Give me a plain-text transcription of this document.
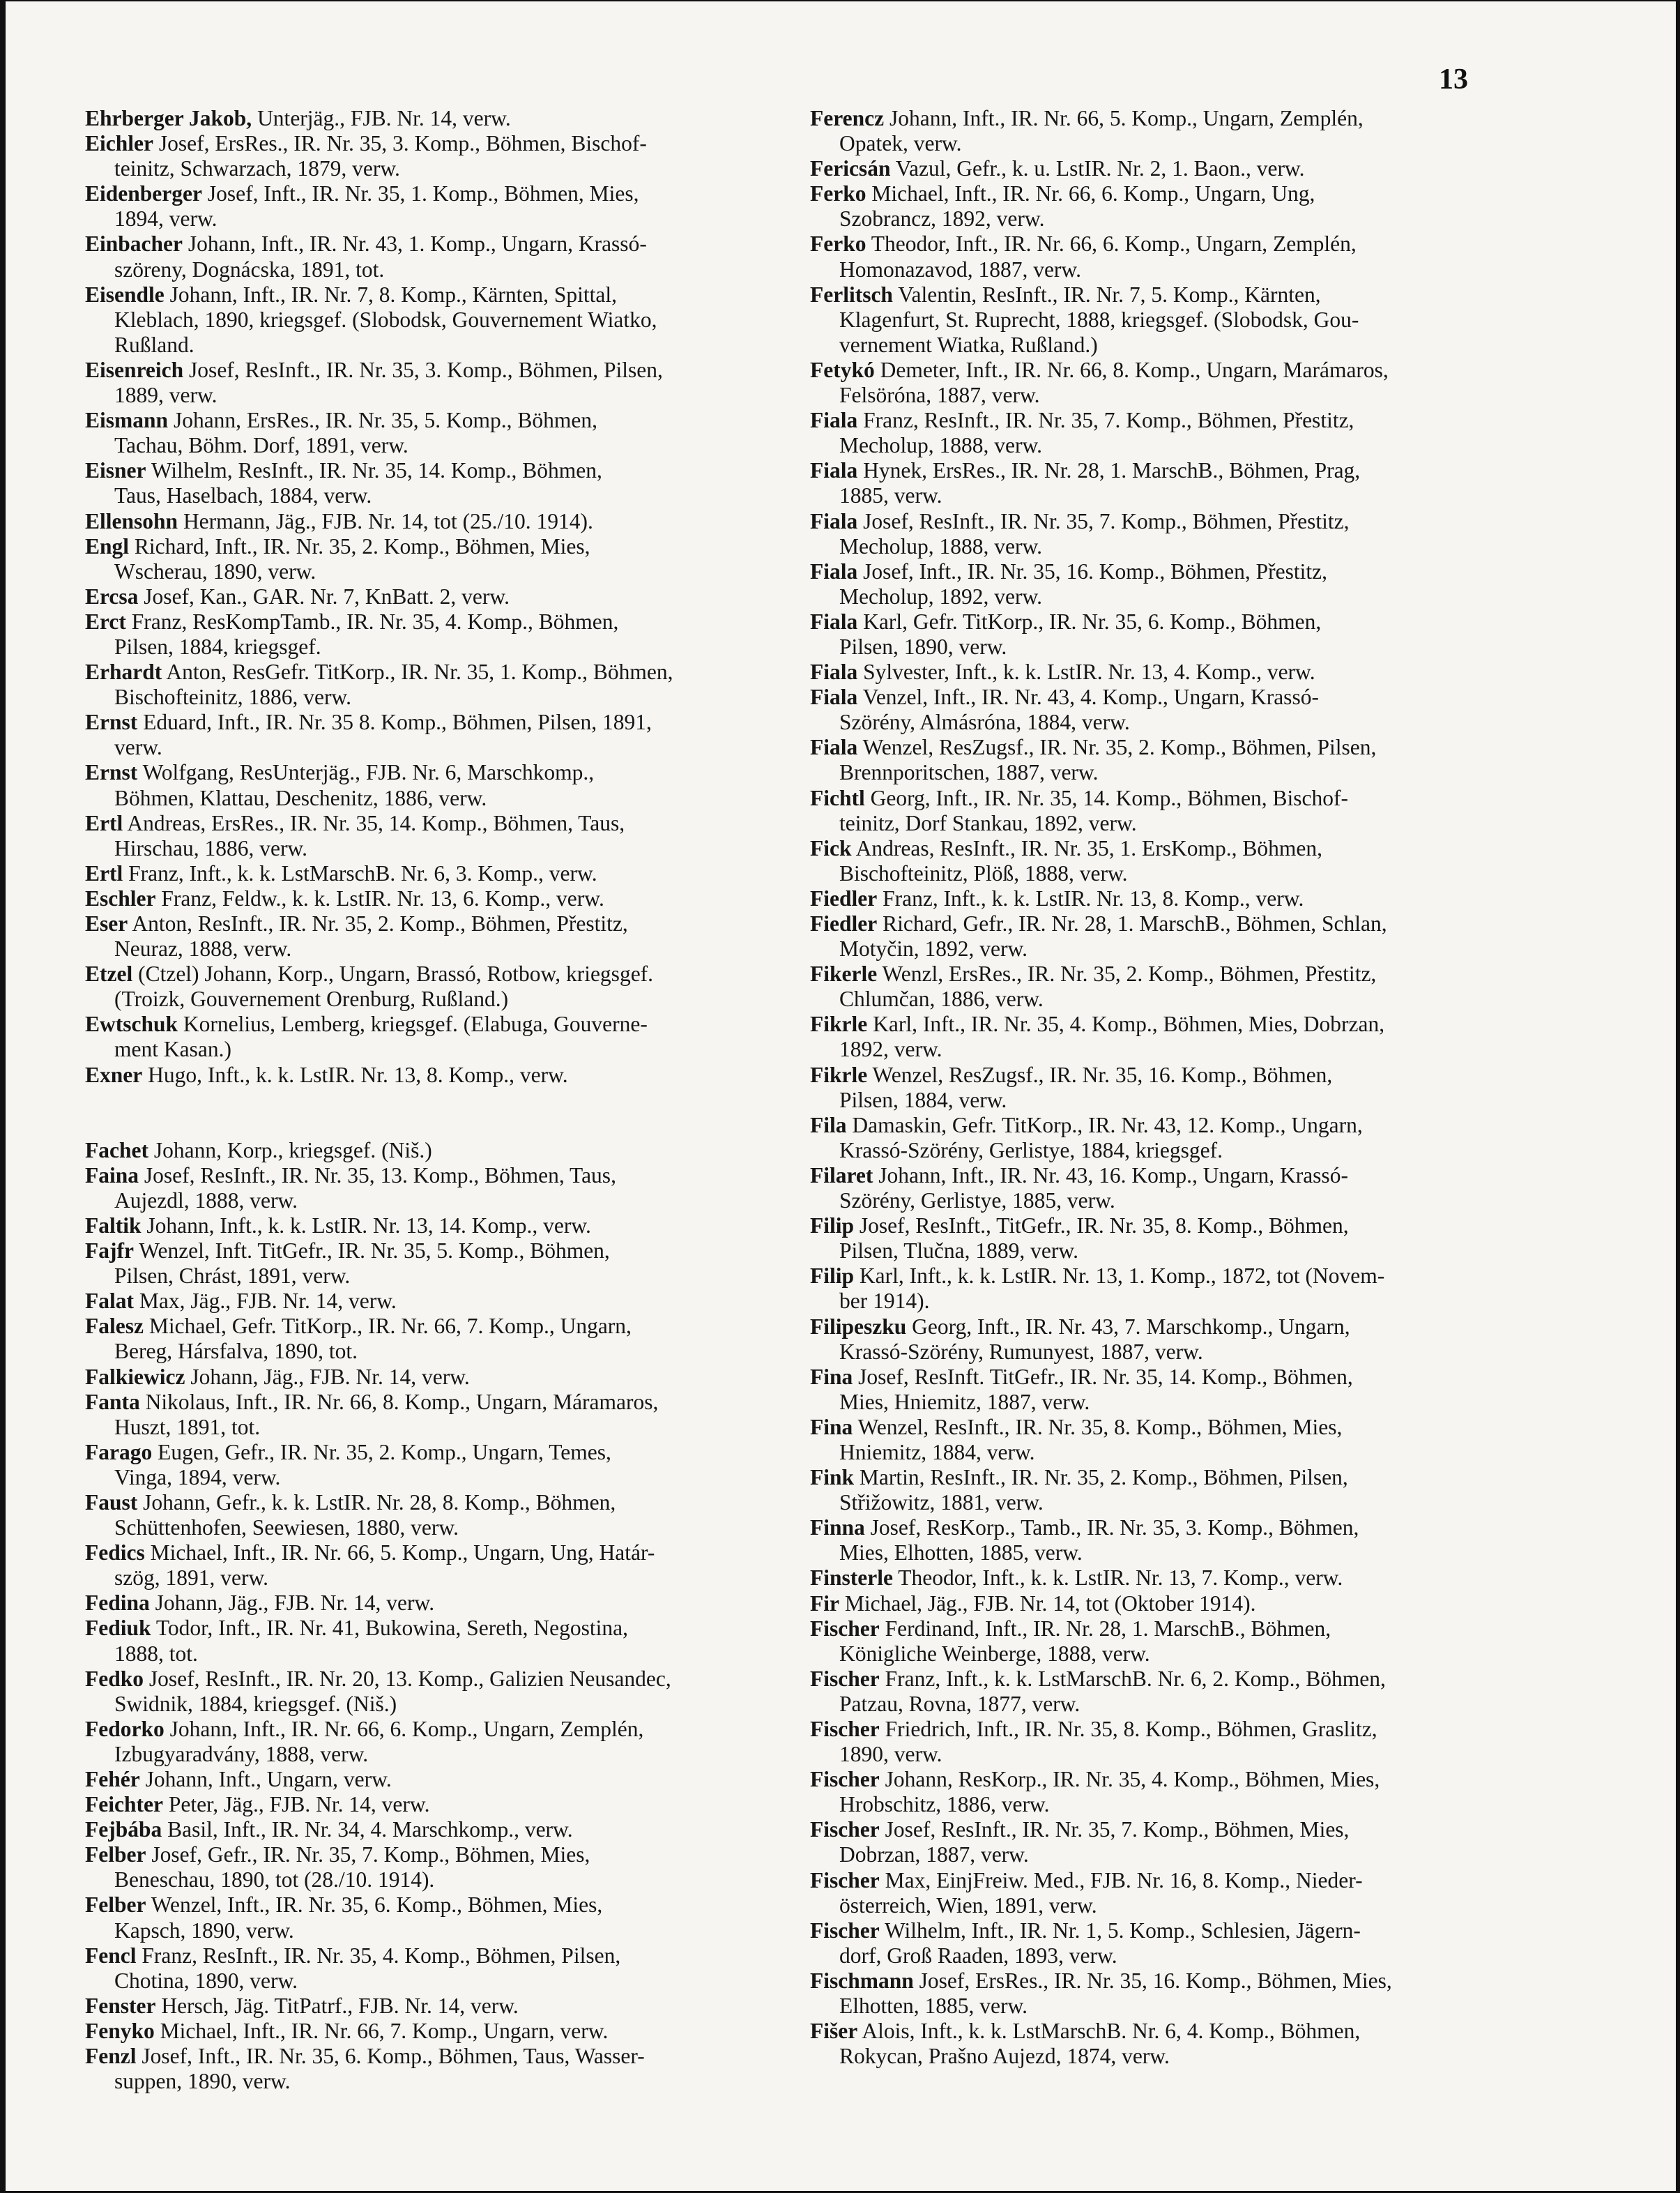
13
Ehrberger Jakob, Unterjäg., FJB. Nr. 14, verw.
Eichler Josef, ErsRes., IR. Nr. 35, 3. Komp., Böhmen, Bischof-
teinitz, Schwarzach, 1879, verw.
Eidenberger Josef, Inft., IR. Nr. 35, 1. Komp., Böhmen, Mies,
1894, verw.
Einbacher Johann, Inft., IR. Nr. 43, 1. Komp., Ungarn, Krassó-
szöreny, Dognácska, 1891, tot.
Eisendle Johann, Inft., IR. Nr. 7, 8. Komp., Kärnten, Spittal,
Kleblach, 1890, kriegsgef. (Slobodsk, Gouvernement Wiatko,
Rußland.
Eisenreich Josef, ResInft., IR. Nr. 35, 3. Komp., Böhmen, Pilsen,
1889, verw.
Eismann Johann, ErsRes., IR. Nr. 35, 5. Komp., Böhmen,
Tachau, Böhm. Dorf, 1891, verw.
Eisner Wilhelm, ResInft., IR. Nr. 35, 14. Komp., Böhmen,
Taus, Haselbach, 1884, verw.
Ellensohn Hermann, Jäg., FJB. Nr. 14, tot (25./10. 1914).
Engl Richard, Inft., IR. Nr. 35, 2. Komp., Böhmen, Mies,
Wscherau, 1890, verw.
Ercsa Josef, Kan., GAR. Nr. 7, KnBatt. 2, verw.
Erct Franz, ResKompTamb., IR. Nr. 35, 4. Komp., Böhmen,
Pilsen, 1884, kriegsgef.
Erhardt Anton, ResGefr. TitKorp., IR. Nr. 35, 1. Komp., Böhmen,
Bischofteinitz, 1886, verw.
Ernst Eduard, Inft., IR. Nr. 35 8. Komp., Böhmen, Pilsen, 1891,
verw.
Ernst Wolfgang, ResUnterjäg., FJB. Nr. 6, Marschkomp.,
Böhmen, Klattau, Deschenitz, 1886, verw.
Ertl Andreas, ErsRes., IR. Nr. 35, 14. Komp., Böhmen, Taus,
Hirschau, 1886, verw.
Ertl Franz, Inft., k. k. LstMarschB. Nr. 6, 3. Komp., verw.
Eschler Franz, Feldw., k. k. LstIR. Nr. 13, 6. Komp., verw.
Eser Anton, ResInft., IR. Nr. 35, 2. Komp., Böhmen, Přestitz,
Neuraz, 1888, verw.
Etzel (Ctzel) Johann, Korp., Ungarn, Brassó, Rotbow, kriegsgef.
(Troizk, Gouvernement Orenburg, Rußland.)
Ewtschuk Kornelius, Lemberg, kriegsgef. (Elabuga, Gouverne-
ment Kasan.)
Exner Hugo, Inft., k. k. LstIR. Nr. 13, 8. Komp., verw.
Fachet Johann, Korp., kriegsgef. (Niš.)
Faina Josef, ResInft., IR. Nr. 35, 13. Komp., Böhmen, Taus,
Aujezdl, 1888, verw.
Faltik Johann, Inft., k. k. LstIR. Nr. 13, 14. Komp., verw.
Fajfr Wenzel, Inft. TitGefr., IR. Nr. 35, 5. Komp., Böhmen,
Pilsen, Chrást, 1891, verw.
Falat Max, Jäg., FJB. Nr. 14, verw.
Falesz Michael, Gefr. TitKorp., IR. Nr. 66, 7. Komp., Ungarn,
Bereg, Hársfalva, 1890, tot.
Falkiewicz Johann, Jäg., FJB. Nr. 14, verw.
Fanta Nikolaus, Inft., IR. Nr. 66, 8. Komp., Ungarn, Máramaros,
Huszt, 1891, tot.
Farago Eugen, Gefr., IR. Nr. 35, 2. Komp., Ungarn, Temes,
Vinga, 1894, verw.
Faust Johann, Gefr., k. k. LstIR. Nr. 28, 8. Komp., Böhmen,
Schüttenhofen, Seewiesen, 1880, verw.
Fedics Michael, Inft., IR. Nr. 66, 5. Komp., Ungarn, Ung, Határ-
szög, 1891, verw.
Fedina Johann, Jäg., FJB. Nr. 14, verw.
Fediuk Todor, Inft., IR. Nr. 41, Bukowina, Sereth, Negostina,
1888, tot.
Fedko Josef, ResInft., IR. Nr. 20, 13. Komp., Galizien Neusandec,
Swidnik, 1884, kriegsgef. (Niš.)
Fedorko Johann, Inft., IR. Nr. 66, 6. Komp., Ungarn, Zemplén,
Izbugyaradvány, 1888, verw.
Fehér Johann, Inft., Ungarn, verw.
Feichter Peter, Jäg., FJB. Nr. 14, verw.
Fejbába Basil, Inft., IR. Nr. 34, 4. Marschkomp., verw.
Felber Josef, Gefr., IR. Nr. 35, 7. Komp., Böhmen, Mies,
Beneschau, 1890, tot (28./10. 1914).
Felber Wenzel, Inft., IR. Nr. 35, 6. Komp., Böhmen, Mies,
Kapsch, 1890, verw.
Fencl Franz, ResInft., IR. Nr. 35, 4. Komp., Böhmen, Pilsen,
Chotina, 1890, verw.
Fenster Hersch, Jäg. TitPatrf., FJB. Nr. 14, verw.
Fenyko Michael, Inft., IR. Nr. 66, 7. Komp., Ungarn, verw.
Fenzl Josef, Inft., IR. Nr. 35, 6. Komp., Böhmen, Taus, Wasser-
suppen, 1890, verw.
Ferencz Johann, Inft., IR. Nr. 66, 5. Komp., Ungarn, Zemplén,
Opatek, verw.
Fericsán Vazul, Gefr., k. u. LstIR. Nr. 2, 1. Baon., verw.
Ferko Michael, Inft., IR. Nr. 66, 6. Komp., Ungarn, Ung,
Szobrancz, 1892, verw.
Ferko Theodor, Inft., IR. Nr. 66, 6. Komp., Ungarn, Zemplén,
Homonazavod, 1887, verw.
Ferlitsch Valentin, ResInft., IR. Nr. 7, 5. Komp., Kärnten,
Klagenfurt, St. Ruprecht, 1888, kriegsgef. (Slobodsk, Gou-
vernement Wiatka, Rußland.)
Fetykó Demeter, Inft., IR. Nr. 66, 8. Komp., Ungarn, Marámaros,
Felsöróna, 1887, verw.
Fiala Franz, ResInft., IR. Nr. 35, 7. Komp., Böhmen, Přestitz,
Mecholup, 1888, verw.
Fiala Hynek, ErsRes., IR. Nr. 28, 1. MarschB., Böhmen, Prag,
1885, verw.
Fiala Josef, ResInft., IR. Nr. 35, 7. Komp., Böhmen, Přestitz,
Mecholup, 1888, verw.
Fiala Josef, Inft., IR. Nr. 35, 16. Komp., Böhmen, Přestitz,
Mecholup, 1892, verw.
Fiala Karl, Gefr. TitKorp., IR. Nr. 35, 6. Komp., Böhmen,
Pilsen, 1890, verw.
Fiala Sylvester, Inft., k. k. LstIR. Nr. 13, 4. Komp., verw.
Fiala Venzel, Inft., IR. Nr. 43, 4. Komp., Ungarn, Krassó-
Szörény, Almásróna, 1884, verw.
Fiala Wenzel, ResZugsf., IR. Nr. 35, 2. Komp., Böhmen, Pilsen,
Brennporitschen, 1887, verw.
Fichtl Georg, Inft., IR. Nr. 35, 14. Komp., Böhmen, Bischof-
teinitz, Dorf Stankau, 1892, verw.
Fick Andreas, ResInft., IR. Nr. 35, 1. ErsKomp., Böhmen,
Bischofteinitz, Plöß, 1888, verw.
Fiedler Franz, Inft., k. k. LstIR. Nr. 13, 8. Komp., verw.
Fiedler Richard, Gefr., IR. Nr. 28, 1. MarschB., Böhmen, Schlan,
Motyčin, 1892, verw.
Fikerle Wenzl, ErsRes., IR. Nr. 35, 2. Komp., Böhmen, Přestitz,
Chlumčan, 1886, verw.
Fikrle Karl, Inft., IR. Nr. 35, 4. Komp., Böhmen, Mies, Dobrzan,
1892, verw.
Fikrle Wenzel, ResZugsf., IR. Nr. 35, 16. Komp., Böhmen,
Pilsen, 1884, verw.
Fila Damaskin, Gefr. TitKorp., IR. Nr. 43, 12. Komp., Ungarn,
Krassó-Szörény, Gerlistye, 1884, kriegsgef.
Filaret Johann, Inft., IR. Nr. 43, 16. Komp., Ungarn, Krassó-
Szörény, Gerlistye, 1885, verw.
Filip Josef, ResInft., TitGefr., IR. Nr. 35, 8. Komp., Böhmen,
Pilsen, Tlučna, 1889, verw.
Filip Karl, Inft., k. k. LstIR. Nr. 13, 1. Komp., 1872, tot (Novem-
ber 1914).
Filipeszku Georg, Inft., IR. Nr. 43, 7. Marschkomp., Ungarn,
Krassó-Szörény, Rumunyest, 1887, verw.
Fina Josef, ResInft. TitGefr., IR. Nr. 35, 14. Komp., Böhmen,
Mies, Hniemitz, 1887, verw.
Fina Wenzel, ResInft., IR. Nr. 35, 8. Komp., Böhmen, Mies,
Hniemitz, 1884, verw.
Fink Martin, ResInft., IR. Nr. 35, 2. Komp., Böhmen, Pilsen,
Střižowitz, 1881, verw.
Finna Josef, ResKorp., Tamb., IR. Nr. 35, 3. Komp., Böhmen,
Mies, Elhotten, 1885, verw.
Finsterle Theodor, Inft., k. k. LstIR. Nr. 13, 7. Komp., verw.
Fir Michael, Jäg., FJB. Nr. 14, tot (Oktober 1914).
Fischer Ferdinand, Inft., IR. Nr. 28, 1. MarschB., Böhmen,
Königliche Weinberge, 1888, verw.
Fischer Franz, Inft., k. k. LstMarschB. Nr. 6, 2. Komp., Böhmen,
Patzau, Rovna, 1877, verw.
Fischer Friedrich, Inft., IR. Nr. 35, 8. Komp., Böhmen, Graslitz,
1890, verw.
Fischer Johann, ResKorp., IR. Nr. 35, 4. Komp., Böhmen, Mies,
Hrobschitz, 1886, verw.
Fischer Josef, ResInft., IR. Nr. 35, 7. Komp., Böhmen, Mies,
Dobrzan, 1887, verw.
Fischer Max, EinjFreiw. Med., FJB. Nr. 16, 8. Komp., Nieder-
österreich, Wien, 1891, verw.
Fischer Wilhelm, Inft., IR. Nr. 1, 5. Komp., Schlesien, Jägern-
dorf, Groß Raaden, 1893, verw.
Fischmann Josef, ErsRes., IR. Nr. 35, 16. Komp., Böhmen, Mies,
Elhotten, 1885, verw.
Fišer Alois, Inft., k. k. LstMarschB. Nr. 6, 4. Komp., Böhmen,
Rokycan, Prašno Aujezd, 1874, verw.
